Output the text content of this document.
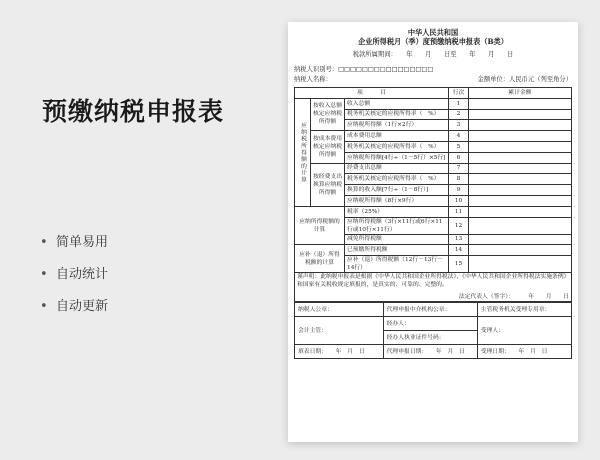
预缴纳税申报表
• 简单易用
• 自动统计
• 自动更新
中华人民共和国
企业所得税月（季）度预缴纳税申报表（B类）
税款所属期间：　　年　　月　　日至　　年　　月　　日
纳税人识别号：□□□□□□□□□□□□□□□□
纳税人名称：	金额单位：人民币元（列至角分）
项　　　目			行次	累计金额
应纳税所得额的计算	按收入总额核定应纳税所得额	收入总额	1	
		税务机关核定的应税所得率（　%）	2	
		应纳税所得额（1行×2行）	3	
	按成本费用核定应纳税所得额	成本费用总额	4	
		税务机关核定的应税所得率（　%）	5	
		应纳税所得额[4行÷（1－5行）×5行]	6	
	按经费支出换算应纳税所得额	经费支出总额	7	
		税务机关核定的应税所得率（　%）	8	
		换算的收入额[7行÷（1－8行）]	9	
		应纳税所得额（8行×9行）	10	
应纳所得税额的计算		税率（25%）	11	
		应纳所得税额（3行×11行或6行×11行或10行×11行）	12	
		减免所得税额	13	
应补（退）所得税额的计算		已预缴所得税额	14	
		应补（退）所得税额（12行－13行－14行）	15	

谨声明：此纳税申报表是根据《中华人民共和国企业所得税法》、《中华人民共和国企业所得税法实施条例》和国家有关税收规定填报的，是真实的、可靠的、完整的。
法定代表人（签字）：　　　年　　月　　日				
纳税人公章：	代理申报中介机构公章：	主管税务机关受理专用章：
会计主管：	经办人：	受理人：
	经办人执业证件号码：	
填表日期：　　年　月　日	代理申报日期：　　年　月　日	受理日期：　　年　月　日
